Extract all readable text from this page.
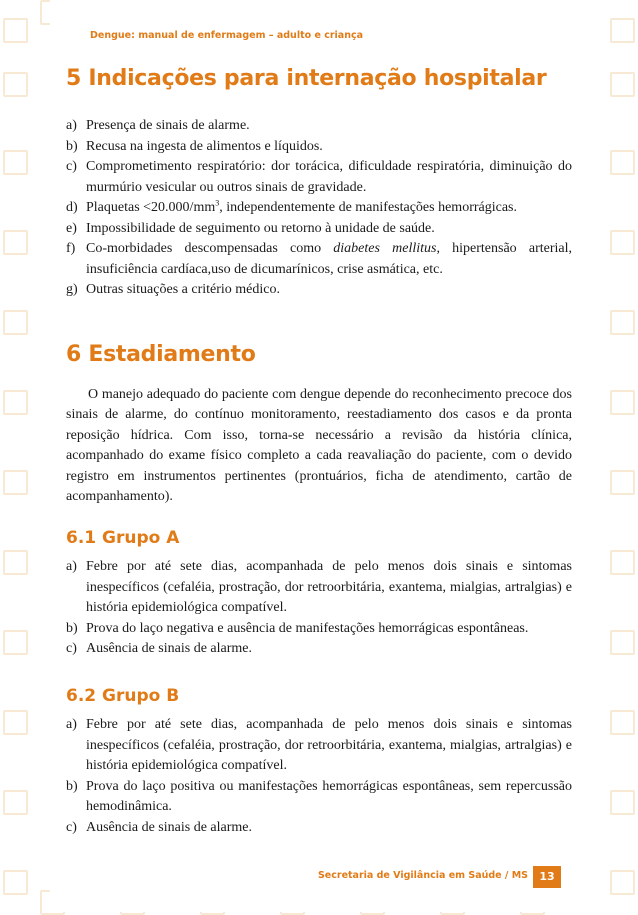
Dengue: manual de enfermagem – adulto e criança
5 Indicações para internação hospitalar
a) Presença de sinais de alarme.
b) Recusa na ingesta de alimentos e líquidos.
c) Comprometimento respiratório: dor torácica, dificuldade respiratória, diminuição do murmúrio vesicular ou outros sinais de gravidade.
d) Plaquetas $<20.000/mm^3$, independentemente de manifestações hemorrágicas.
e) Impossibilidade de seguimento ou retorno à unidade de saúde.
f) Co-morbidades descompensadas como diabetes mellitus, hipertensão arterial, insuficiência cardíaca,uso de dicumarínicos, crise asmática, etc.
g) Outras situações a critério médico.
6 Estadiamento

O manejo adequado do paciente com dengue depende do reconhecimento precoce dos sinais de alarme, do contínuo monitoramento, reestadiamento dos casos e da pronta reposição hídrica. Com isso, torna-se necessário a revisão da história clínica, acompanhado do exame físico completo a cada reavaliação do paciente, com o devido registro em instrumentos pertinentes (prontuários, ficha de atendimento, cartão de acompanhamento).

6.1 Grupo A
a) Febre por até sete dias, acompanhada de pelo menos dois sinais e sintomas inespecíficos (cefaléia, prostração, dor retroorbitária, exantema, mialgias, artralgias) e história epidemiológica compatível.
b) Prova do laço negativa e ausência de manifestações hemorrágicas espontâneas.
c) Ausência de sinais de alarme.
6.2 Grupo B
a) Febre por até sete dias, acompanhada de pelo menos dois sinais e sintomas inespecíficos (cefaléia, prostração, dor retroorbitária, exantema, mialgias, artralgias) e história epidemiológica compatível.
b) Prova do laço positiva ou manifestações hemorrágicas espontâneas, sem repercussão hemodinâmica.
c) Ausência de sinais de alarme.
Secretaria de Vigilância em Saúde / MS	13
